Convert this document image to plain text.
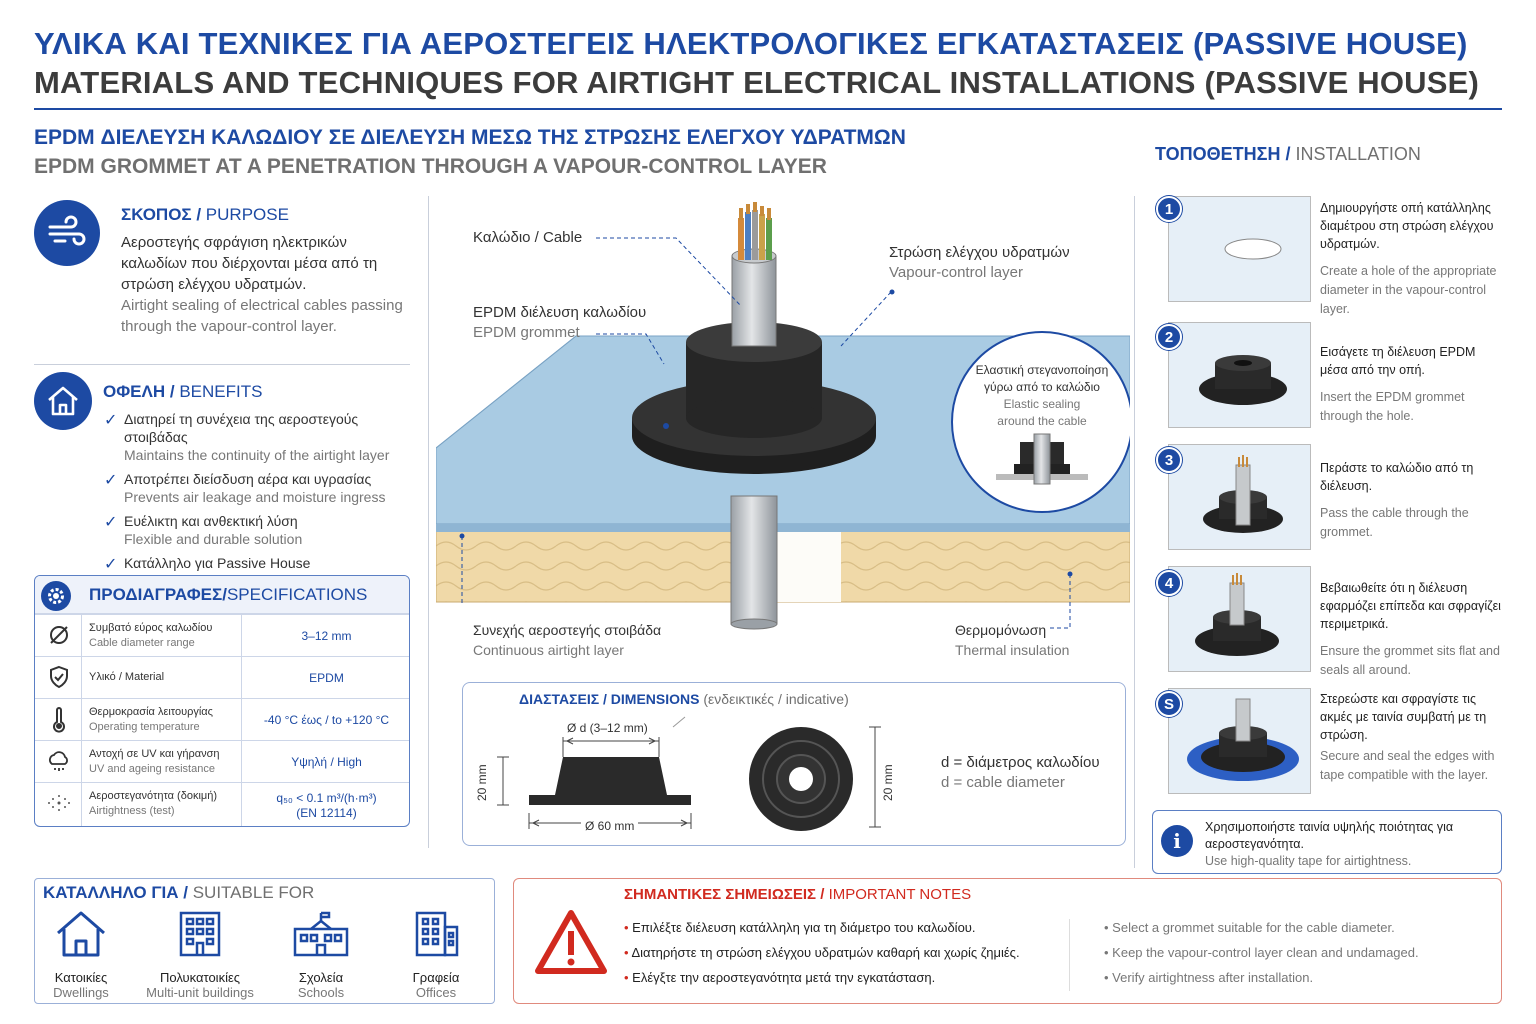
ΥΛΙΚΑ ΚΑΙ ΤΕΧΝΙΚΕΣ ΓΙΑ ΑΕΡΟΣΤΕΓΕΙΣ ΗΛΕΚΤΡΟΛΟΓΙΚΕΣ ΕΓΚΑΤΑΣΤΑΣΕΙΣ (PASSIVE HOUSE)
MATERIALS AND TECHNIQUES FOR AIRTIGHT ELECTRICAL INSTALLATIONS (PASSIVE HOUSE)
EPDM ΔΙΕΛΕΥΣΗ ΚΑΛΩΔΙΟΥ ΣΕ ΔΙΕΛΕΥΣΗ ΜΕΣΩ ΤΗΣ ΣΤΡΩΣΗΣ ΕΛΕΓΧΟΥ ΥΔΡΑΤΜΩΝ
EPDM GROMMET AT A PENETRATION THROUGH A VAPOUR-CONTROL LAYER
ΤΟΠΟΘΕΤΗΣΗ / INSTALLATION
ΣΚΟΠΟΣ / PURPOSE
Αεροστεγής σφράγιση ηλεκτρικών καλωδίων που διέρχονται μέσα από τη στρώση ελέγχου υδρατμών.
Airtight sealing of electrical cables passing through the vapour-control layer.
ΟΦΕΛΗ / BENEFITS
✓ Διατηρεί τη συνέχεια της αεροστεγούς στοιβάδας
Maintains the continuity of the airtight layer
✓ Αποτρέπει διείσδυση αέρα και υγρασίας
Prevents air leakage and moisture ingress
✓ Ευέλικτη και ανθεκτική λύση
Flexible and durable solution
✓ Κατάλληλο για Passive House
ΠΡΟΔΙΑΓΡΑΦΕΣ / SPECIFICATIONS
Συμβατό εύρος καλωδίου
Cable diameter range
3–12 mm
Υλικό / Material	EPDM
Θερμοκρασία λειτουργίας
Operating temperature
-40 °C έως / to +120 °C
Αντοχή σε UV και γήρανση
UV and ageing resistance
Υψηλή / High
Αεροστεγανότητα (δοκιμή)
Airtightness (test)
q₅₀ < 0.1 m³/(h·m³)
(EN 12114)
Καλώδιο / Cable
EPDM διέλευση καλωδίου
EPDM grommet
Στρώση ελέγχου υδρατμών
Vapour-control layer
Συνεχής αεροστεγής στοιβάδα
Continuous airtight layer
Θερμομόνωση
Thermal insulation
Ελαστική στεγανοποίηση
γύρω από το καλώδιο
Elastic sealing
around the cable
ΔΙΑΣΤΑΣΕΙΣ / DIMENSIONS (ενδεικτικές / indicative)
Ø d (3–12 mm)
Ø 60 mm
20 mm	20 mm
d = διάμετρος καλωδίου
d = cable diameter
1
2
3
4
S
Δημιουργήστε οπή κατάλληλης διαμέτρου στη στρώση ελέγχου υδρατμών.
Create a hole of the appropriate diameter in the vapour-control layer.
Εισάγετε τη διέλευση EPDM μέσα από την οπή.
Insert the EPDM grommet through the hole.
Περάστε το καλώδιο από τη διέλευση.
Pass the cable through the grommet.
Βεβαιωθείτε ότι η διέλευση εφαρμόζει επίπεδα και σφραγίζει περιμετρικά.
Ensure the grommet sits flat and seals all around.
Στερεώστε και σφραγίστε τις ακμές με ταινία συμβατή με τη στρώση.
Secure and seal the edges with tape compatible with the layer.
i
Χρησιμοποιήστε ταινία υψηλής ποιότητας για αεροστεγανότητα.
Use high-quality tape for airtightness.
ΚΑΤΑΛΛΗΛΟ ΓΙΑ / SUITABLE FOR
Κατοικίες
Dwellings
Πολυκατοικίες
Multi-unit buildings
Σχολεία
Schools
Γραφεία
Offices
ΣΗΜΑΝΤΙΚΕΣ ΣΗΜΕΙΩΣΕΙΣ / IMPORTANT NOTES
• Επιλέξτε διέλευση κατάλληλη για τη διάμετρο του καλωδίου.
• Διατηρήστε τη στρώση ελέγχου υδρατμών καθαρή και χωρίς ζημιές.
• Ελέγξτε την αεροστεγανότητα μετά την εγκατάσταση.
• Select a grommet suitable for the cable diameter.
• Keep the vapour-control layer clean and undamaged.
• Verify airtightness after installation.
